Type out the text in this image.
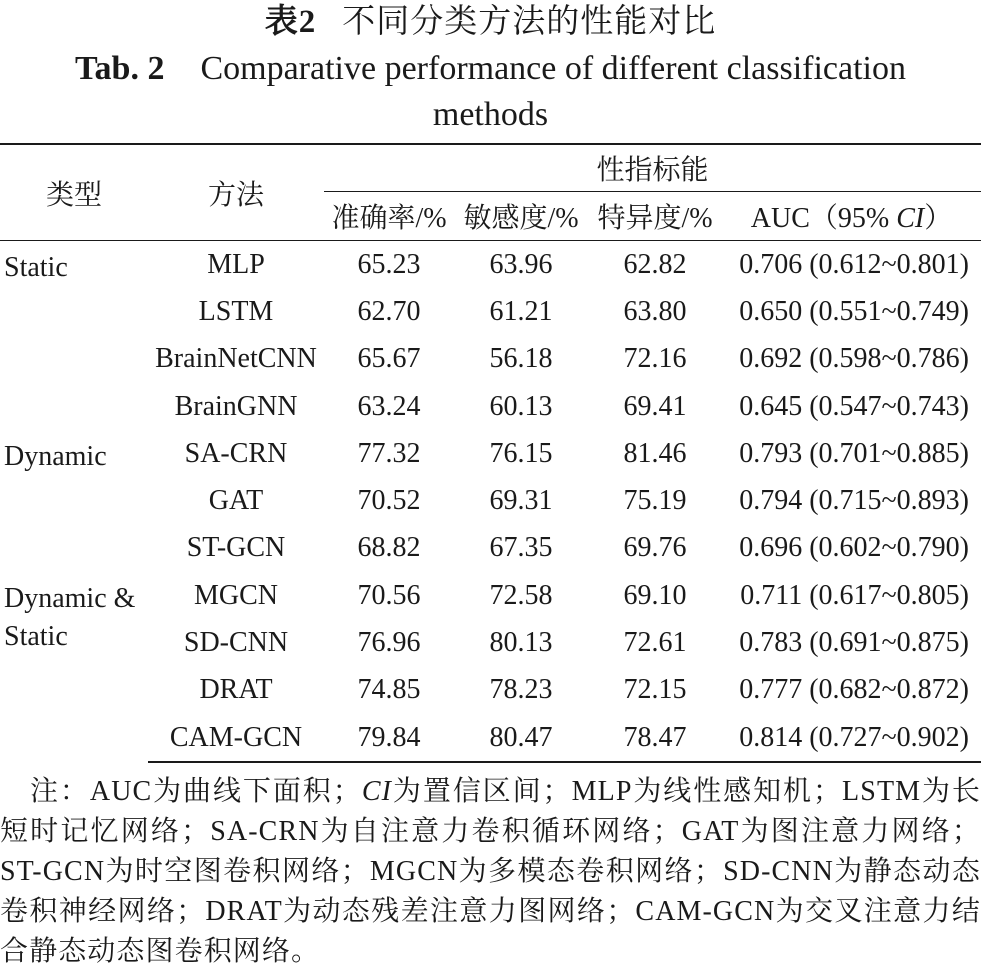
表2 不同分类方法的性能对比
Tab. 2 Comparative performance of different classification methods
类型	方法	性指标能			
		准确率/%	敏感度/%	特异度/%	AUC（95% CI）
Static	MLP	65.23	63.96	62.82	0.706 (0.612~0.801)
	LSTM	62.70	61.21	63.80	0.650 (0.551~0.749)
	BrainNetCNN	65.67	56.18	72.16	0.692 (0.598~0.786)
	BrainGNN	63.24	60.13	69.41	0.645 (0.547~0.743)
Dynamic	SA-CRN	77.32	76.15	81.46	0.793 (0.701~0.885)
	GAT	70.52	69.31	75.19	0.794 (0.715~0.893)
	ST-GCN	68.82	67.35	69.76	0.696 (0.602~0.790)
Dynamic & Static	MGCN	70.56	72.58	69.10	0.711 (0.617~0.805)
	SD-CNN	76.96	80.13	72.61	0.783 (0.691~0.875)
	DRAT	74.85	78.23	72.15	0.777 (0.682~0.872)
	CAM-GCN	79.84	80.47	78.47	0.814 (0.727~0.902)
注：AUC为曲线下面积；CI为置信区间；MLP为线性感知机；LSTM为长短时记忆网络；SA-CRN为自注意力卷积循环网络；GAT为图注意力网络；ST-GCN为时空图卷积网络；MGCN为多模态卷积网络；SD-CNN为静态动态卷积神经网络；DRAT为动态残差注意力图网络；CAM-GCN为交叉注意力结合静态动态图卷积网络。
